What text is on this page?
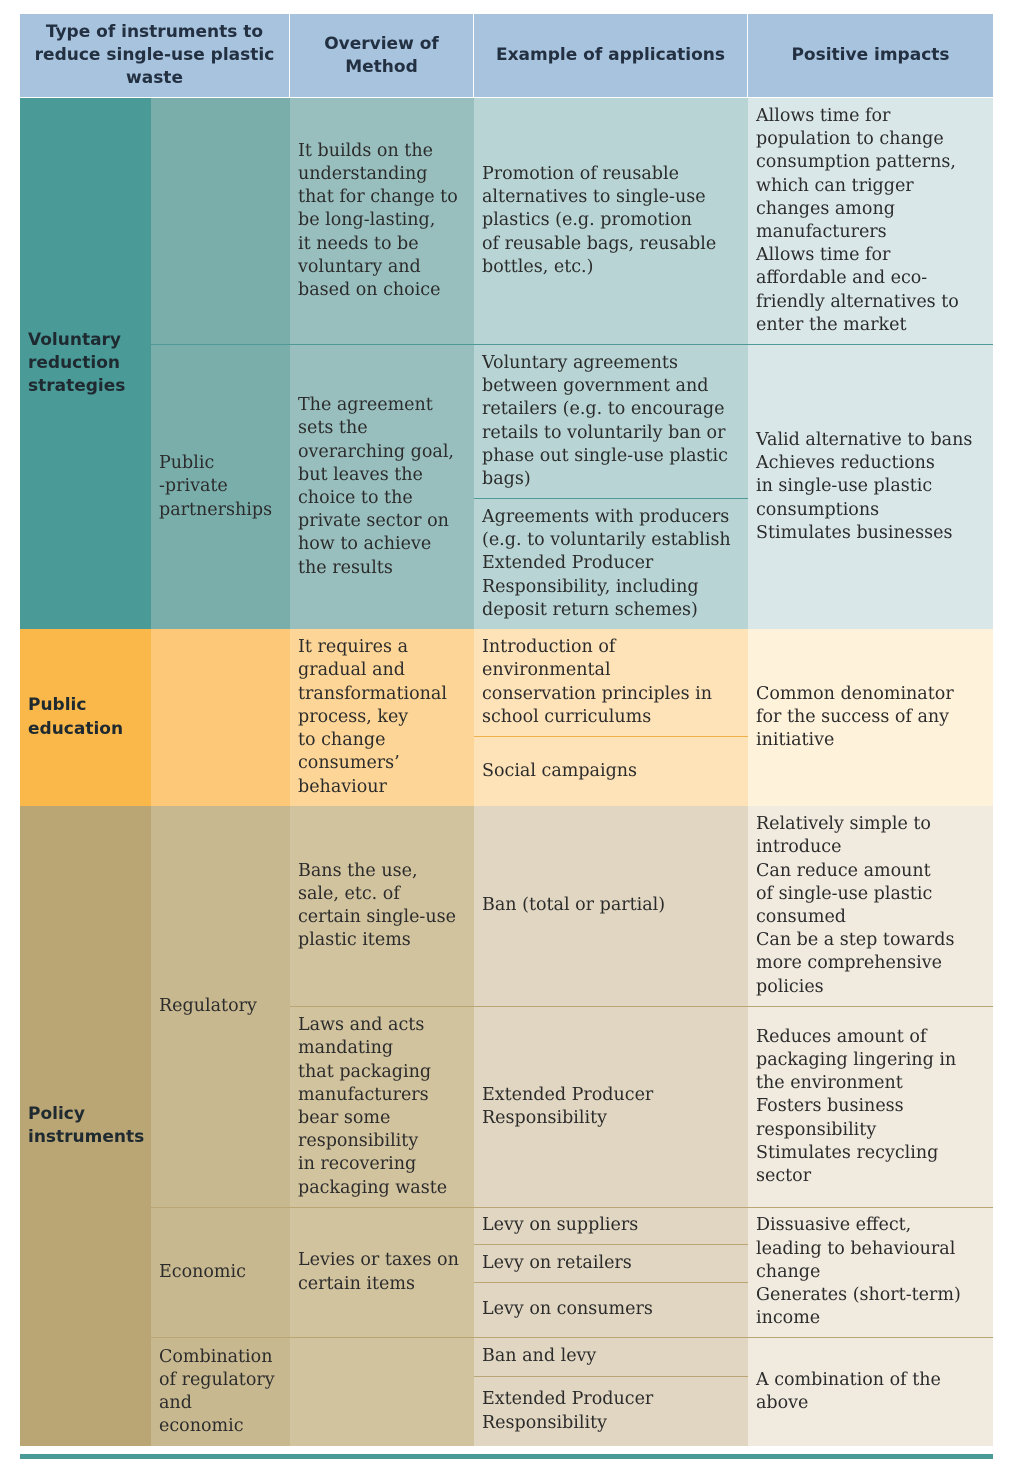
Type of instruments to
reduce single-use plastic
waste
Overview of
Method
Example of applications	Positive impacts
Voluntary
reduction
strategies
It builds on the
understanding
that for change to
be long-lasting,
it needs to be
voluntary and
based on choice
Promotion of reusable
alternatives to single-use
plastics (e.g. promotion
of reusable bags, reusable
bottles, etc.)
Allows time for
population to change
consumption patterns,
which can trigger
changes among
manufacturers
Allows time for
affordable and eco-
friendly alternatives to
enter the market
Public
-private
partnerships
The agreement
sets the
overarching goal,
but leaves the
choice to the
private sector on
how to achieve
the results
Voluntary agreements
between government and
retailers (e.g. to encourage
retails to voluntarily ban or
phase out single-use plastic
bags)
Agreements with producers
(e.g. to voluntarily establish
Extended Producer
Responsibility, including
deposit return schemes)
Valid alternative to bans
Achieves reductions
in single-use plastic
consumptions
Stimulates businesses
Public
education
It requires a
gradual and
transformational
process, key
to change
consumers’
behaviour
Introduction of
environmental
conservation principles in
school curriculums
Social campaigns
Common denominator
for the success of any
initiative
Policy
instruments
Regulatory
Bans the use,
sale, etc. of
certain single-use
plastic items
Ban (total or partial)
Relatively simple to
introduce
Can reduce amount
of single-use plastic
consumed
Can be a step towards
more comprehensive
policies
Laws and acts
mandating
that packaging
manufacturers
bear some
responsibility
in recovering
packaging waste
Extended Producer
Responsibility
Reduces amount of
packaging lingering in
the environment
Fosters business
responsibility
Stimulates recycling
sector
Economic
Levies or taxes on
certain items
Levy on suppliers
Levy on retailers
Levy on consumers
Dissuasive effect,
leading to behavioural
change
Generates (short-term)
income
Combination
of regulatory
and
economic
Ban and levy
Extended Producer
Responsibility
A combination of the
above
